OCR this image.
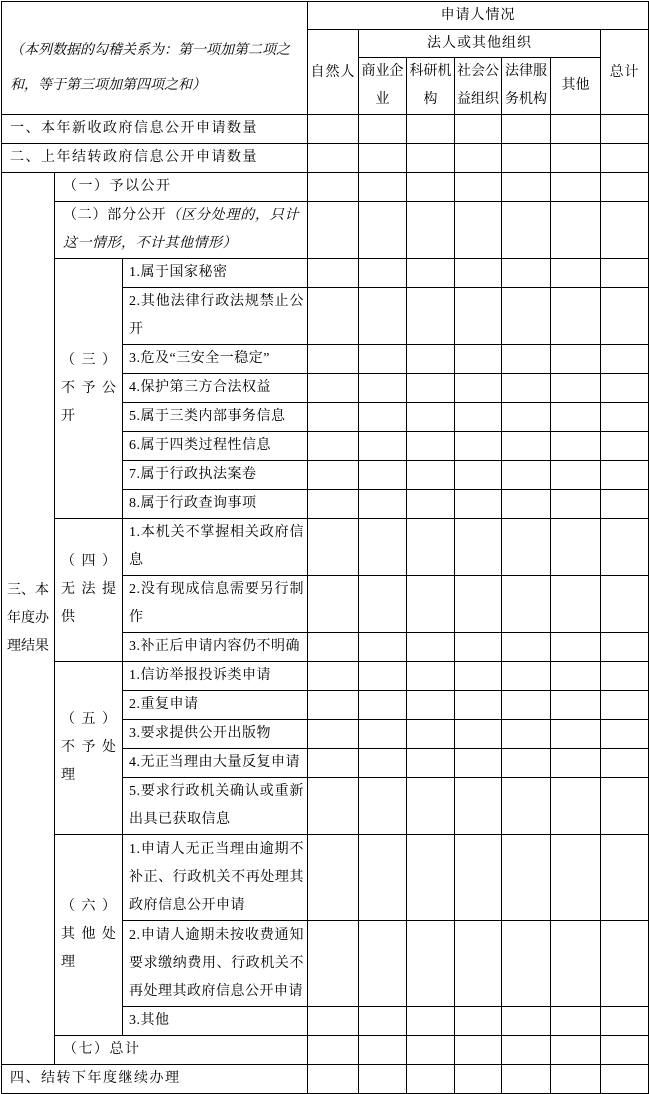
（本列数据的勾稽关系为：第一项加第二项之和，等于第三项加第四项之和）			申请人情况						
			自然人	法人或其他组织					总计
				商业企业	科研机构	社会公益组织	法律服务机构	其他	
一、本年新收政府信息公开申请数量									
二、上年结转政府信息公开申请数量									
三、本年度办理结果	（一）予以公开								
	（二）部分公开（区分处理的，只计这一情形，不计其他情形）								
	（三）不予公开	1.属于国家秘密							
		2.其他法律行政法规禁止公开							
		3.危及“三安全一稳定”							
		4.保护第三方合法权益							
		5.属于三类内部事务信息							
		6.属于四类过程性信息							
		7.属于行政执法案卷							
		8.属于行政查询事项							
	（四）无法提供	1.本机关不掌握相关政府信息							
		2.没有现成信息需要另行制作							
		3.补正后申请内容仍不明确							
	（五）不予处理	1.信访举报投诉类申请							
		2.重复申请							
		3.要求提供公开出版物							
		4.无正当理由大量反复申请							
		5.要求行政机关确认或重新出具已获取信息							
	（六）其他处理	1.申请人无正当理由逾期不补正、行政机关不再处理其政府信息公开申请							
		2.申请人逾期未按收费通知要求缴纳费用、行政机关不再处理其政府信息公开申请							
		3.其他							
	（七）总计								
四、结转下年度继续办理									
